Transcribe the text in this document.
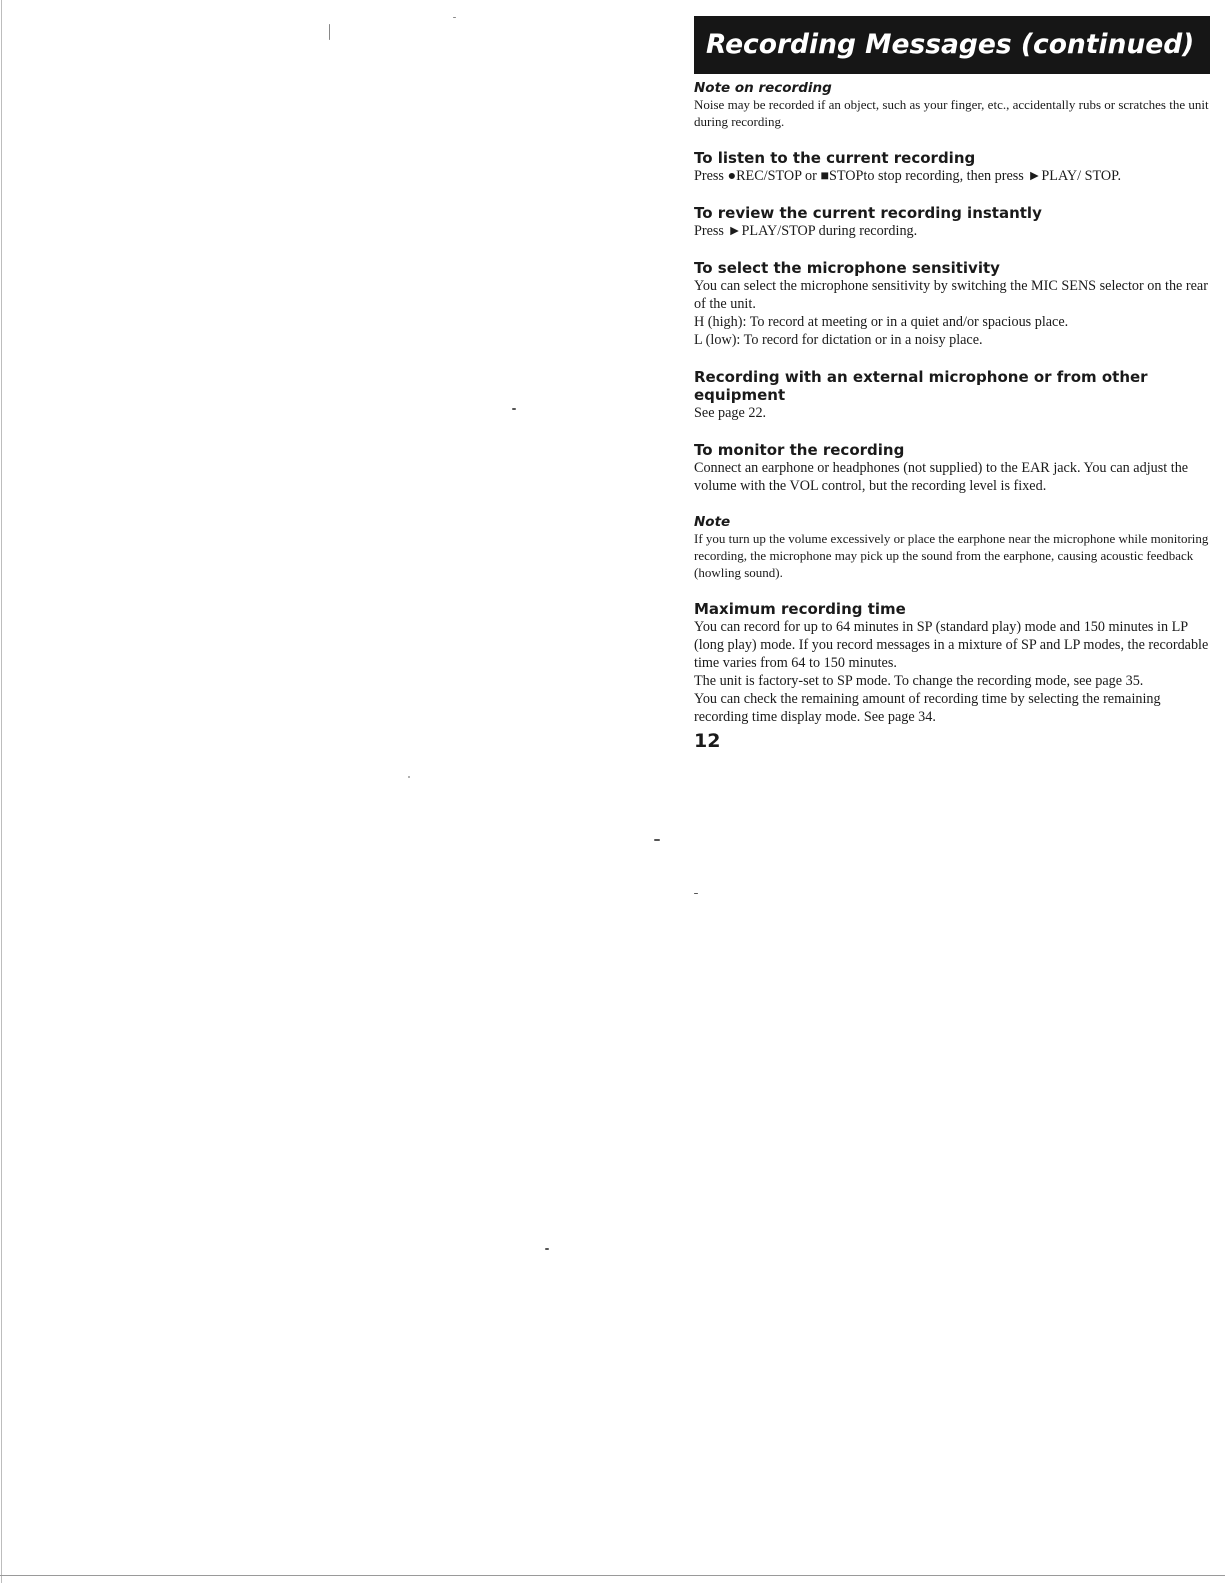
Recording Messages (continued)
Note on recording

Noise may be recorded if an object, such as your finger, etc., accidentally rubs or scratches the unit during recording.

To listen to the current recording

Press ●REC/STOP or ■STOPto stop recording, then press ►PLAY/ STOP.

To review the current recording instantly

Press ►PLAY/STOP during recording.

To select the microphone sensitivity

You can select the microphone sensitivity by switching the MIC SENS selector on the rear of the unit.

H (high): To record at meeting or in a quiet and/or spacious place.

L (low): To record for dictation or in a noisy place.

Recording with an external microphone or from other equipment

See page 22.

To monitor the recording

Connect an earphone or headphones (not supplied) to the EAR jack. You can adjust the volume with the VOL control, but the recording level is fixed.

Note

If you turn up the volume excessively or place the earphone near the microphone while monitoring recording, the microphone may pick up the sound from the earphone, causing acoustic feedback (howling sound).

Maximum recording time

You can record for up to 64 minutes in SP (standard play) mode and 150 minutes in LP (long play) mode. If you record messages in a mixture of SP and LP modes, the recordable time varies from 64 to 150 minutes.

The unit is factory-set to SP mode. To change the recording mode, see page 35.

You can check the remaining amount of recording time by selecting the remaining recording time display mode. See page 34.

12
